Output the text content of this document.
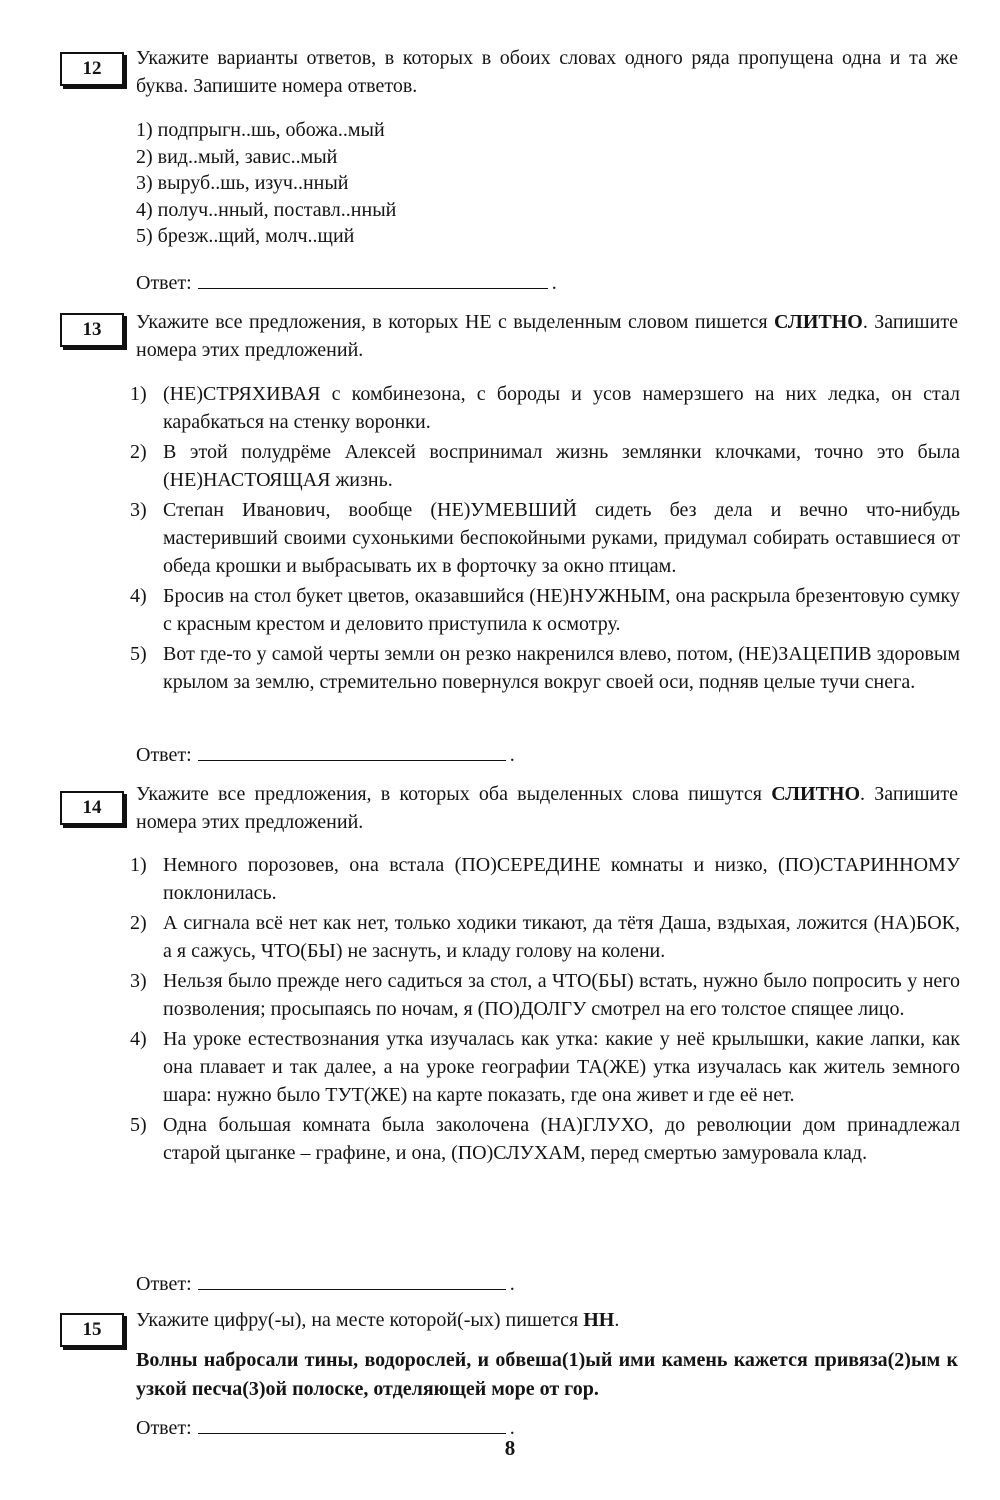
12	Укажите варианты ответов, в которых в обоих словах одного ряда пропущена одна и та же буква. Запишите номера ответов.

1) подпрыгн..шь, обожа..мый
2) вид..мый, завис..мый
3) выруб..шь, изуч..нный
4) получ..нный, поставл..нный
5) брезж..щий, молч..щий
Ответ:	.
13	Укажите все предложения, в которых НЕ с выделенным словом пишется СЛИТНО. Запишите номера этих предложений.

1) (НЕ)СТРЯХИВАЯ с комбинезона, с бороды и усов намерзшего на них ледка, он стал карабкаться на стенку воронки.
2) В этой полудрёме Алексей воспринимал жизнь землянки клочками, точно это была (НЕ)НАСТОЯЩАЯ жизнь.
3) Степан Иванович, вообще (НЕ)УМЕВШИЙ сидеть без дела и вечно что-нибудь мастеривший своими сухонькими беспокойными руками, придумал собирать оставшиеся от обеда крошки и выбрасывать их в форточку за окно птицам.
4) Бросив на стол букет цветов, оказавшийся (НЕ)НУЖНЫМ, она раскрыла брезентовую сумку с красным крестом и деловито приступила к осмотру.
5) Вот где-то у самой черты земли он резко накренился влево, потом, (НЕ)ЗАЦЕПИВ здоровым крылом за землю, стремительно повернулся вокруг своей оси, подняв целые тучи снега.
Ответ:	.
14

Укажите все предложения, в которых оба выделенных слова пишутся СЛИТНО. Запишите номера этих предложений.

1) Немного порозовев, она встала (ПО)СЕРЕДИНЕ комнаты и низко, (ПО)СТАРИННОМУ поклонилась.
2) А сигнала всё нет как нет, только ходики тикают, да тётя Даша, вздыхая, ложится (НА)БОК, а я сажусь, ЧТО(БЫ) не заснуть, и кладу голову на колени.
3) Нельзя было прежде него садиться за стол, а ЧТО(БЫ) встать, нужно было попросить у него позволения; просыпаясь по ночам, я (ПО)ДОЛГУ смотрел на его толстое спящее лицо.
4) На уроке естествознания утка изучалась как утка: какие у неё крылышки, какие лапки, как она плавает и так далее, а на уроке географии ТА(ЖЕ) утка изучалась как житель земного шара: нужно было ТУТ(ЖЕ) на карте показать, где она живет и где её нет.
5) Одна большая комната была заколочена (НА)ГЛУХО, до революции дом принадлежал старой цыганке – графине, и она, (ПО)СЛУХАМ, перед смертью замуровала клад.
Ответ:	.
15	Укажите цифру(-ы), на месте которой(-ых) пишется НН.

Волны набросали тины, водорослей, и обвеша(1)ый ими камень кажется привяза(2)ым к узкой песча(3)ой полоске, отделяющей море от гор.

Ответ:	.
8
